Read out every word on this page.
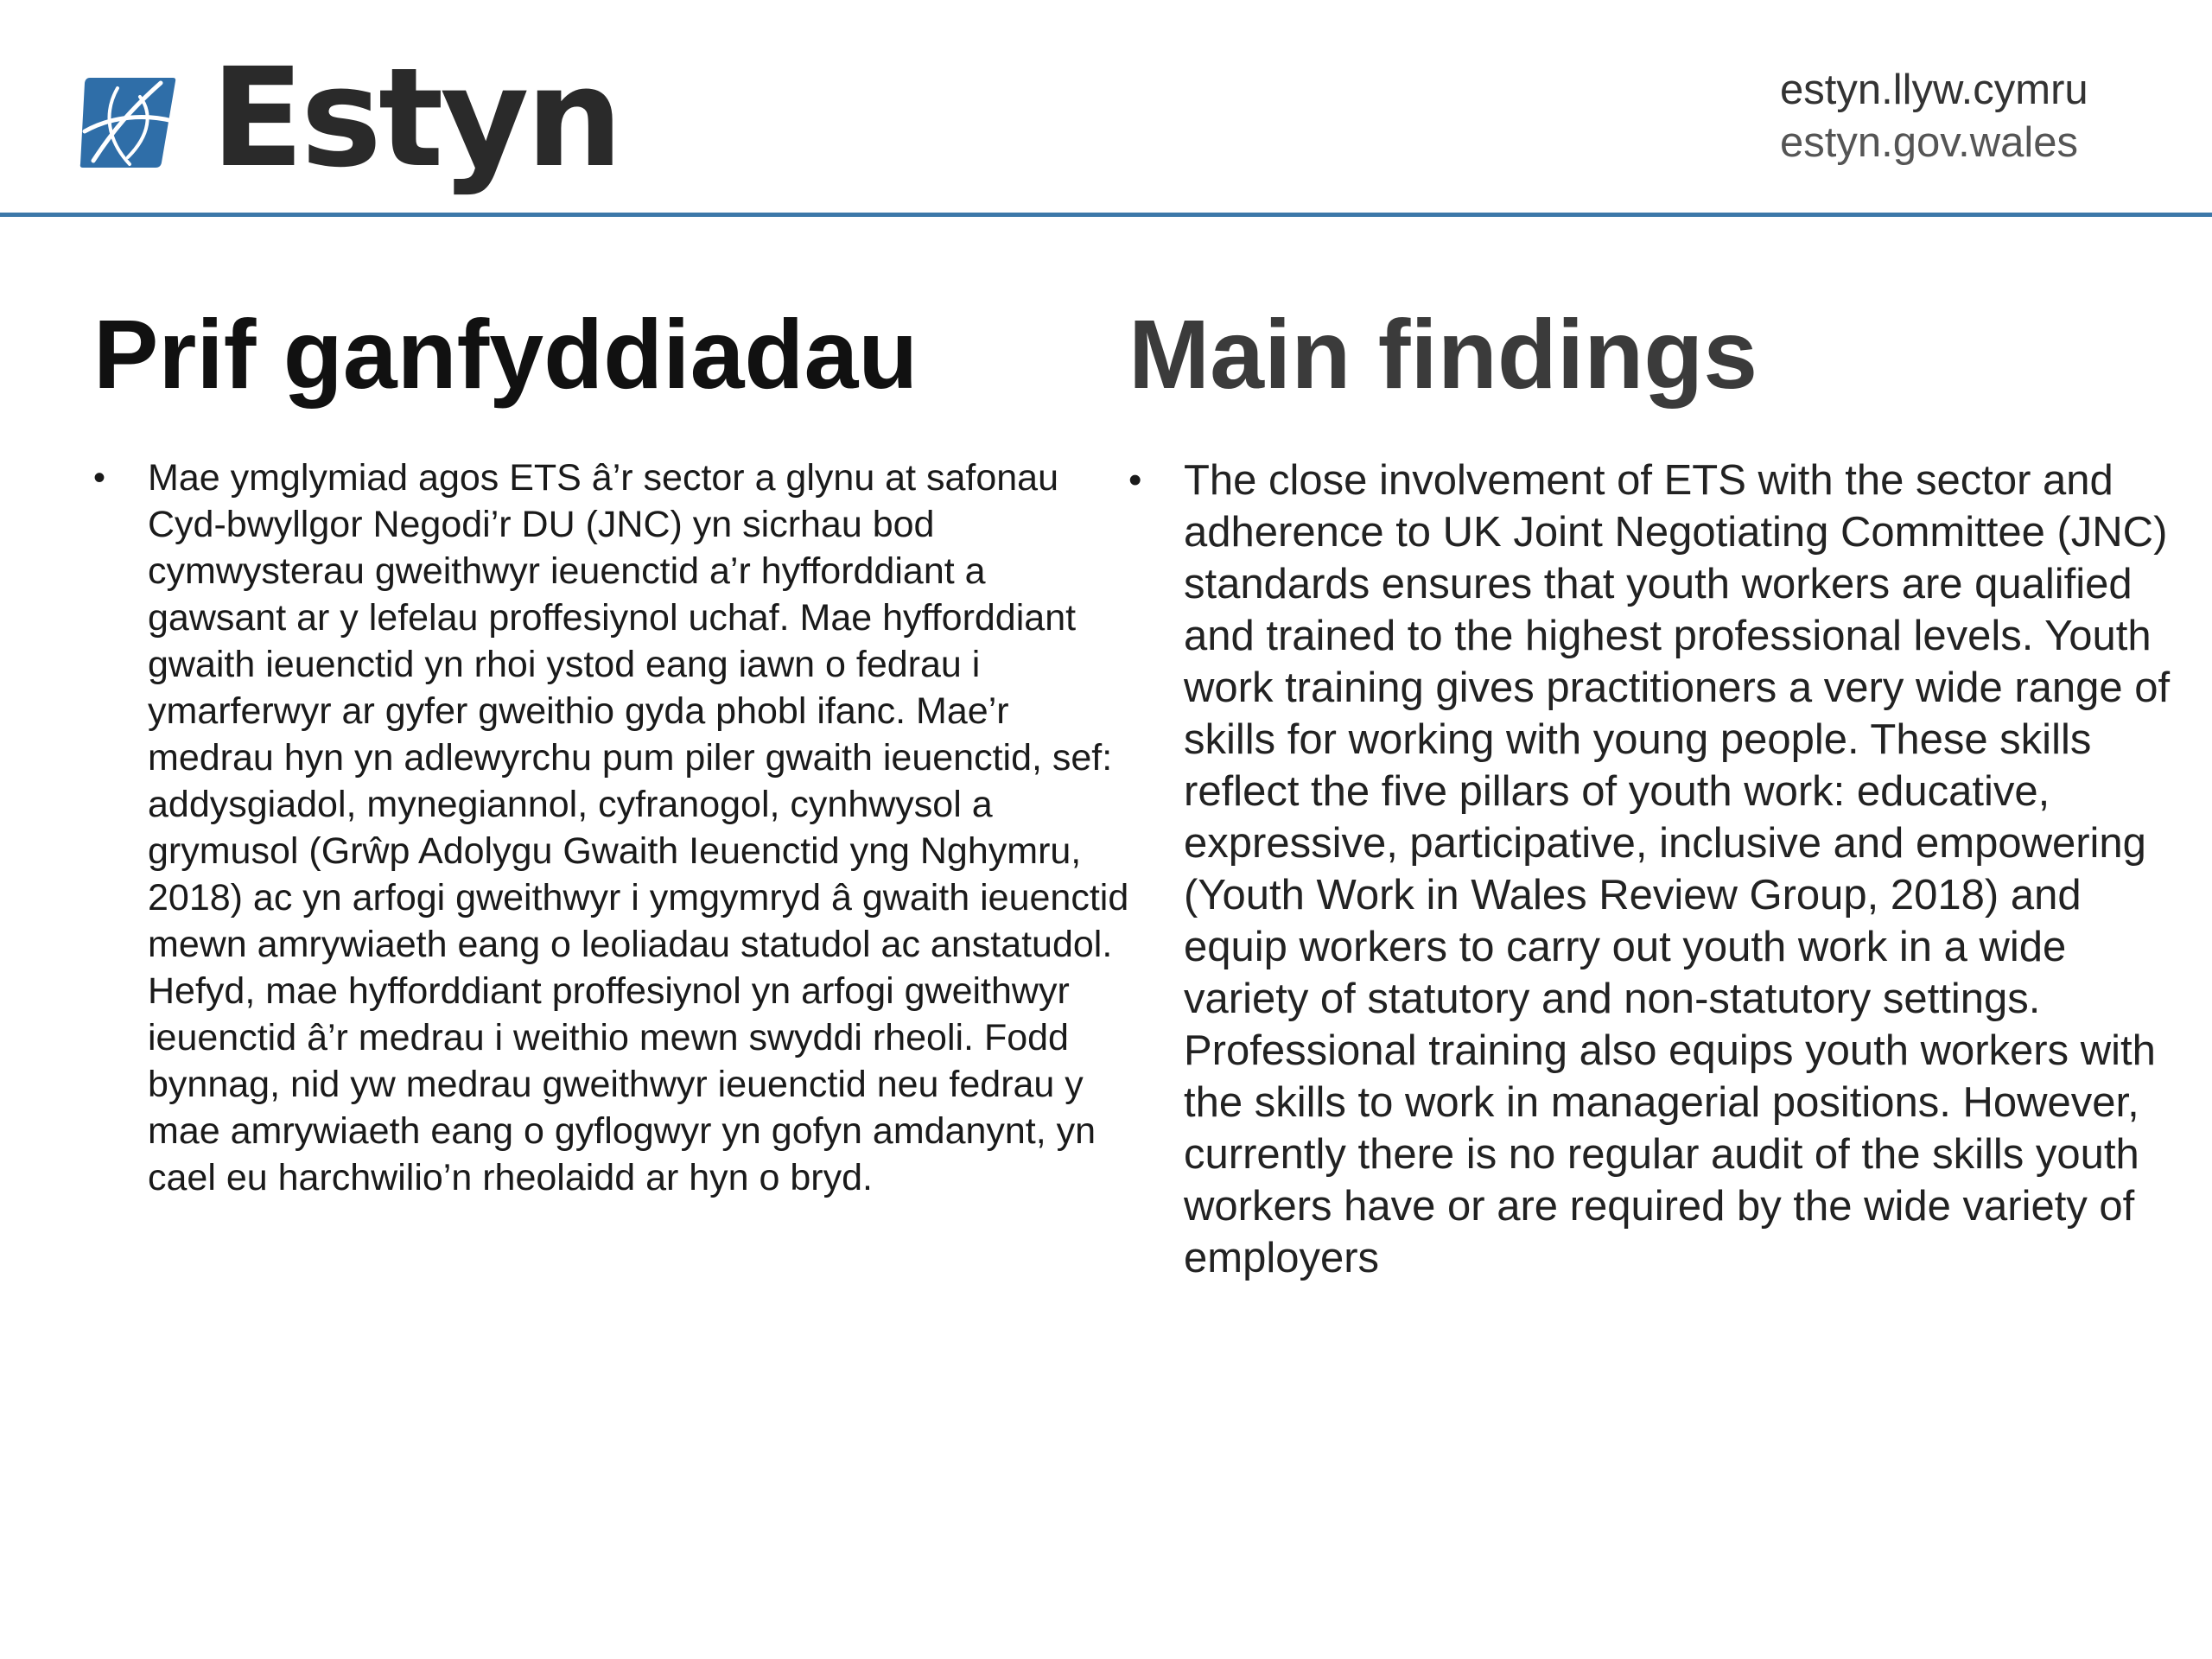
Estyn	estyn.llyw.cymru
estyn.gov.wales
Prif ganfyddiadau
• Mae ymglymiad agos ETS â’r sector a glynu at safonau Cyd-bwyllgor Negodi’r DU (JNC) yn sicrhau bod cymwysterau gweithwyr ieuenctid a’r hyfforddiant a gawsant ar y lefelau proffesiynol uchaf. Mae hyfforddiant gwaith ieuenctid yn rhoi ystod eang iawn o fedrau i ymarferwyr ar gyfer gweithio gyda phobl ifanc. Mae’r medrau hyn yn adlewyrchu pum piler gwaith ieuenctid, sef: addysgiadol, mynegiannol, cyfranogol, cynhwysol a grymusol (Grŵp Adolygu Gwaith Ieuenctid yng Nghymru, 2018) ac yn arfogi gweithwyr i ymgymryd â gwaith ieuenctid mewn amrywiaeth eang o leoliadau statudol ac anstatudol. Hefyd, mae hyfforddiant proffesiynol yn arfogi gweithwyr ieuenctid â’r medrau i weithio mewn swyddi rheoli. Fodd bynnag, nid yw medrau gweithwyr ieuenctid neu fedrau y mae amrywiaeth eang o gyflogwyr yn gofyn amdanynt, yn cael eu harchwilio’n rheolaidd ar hyn o bryd.

Main findings
• The close involvement of ETS with the sector and adherence to UK Joint Negotiating Committee (JNC) standards ensures that youth workers are qualified and trained to the highest professional levels. Youth work training gives practitioners a very wide range of skills for working with young people. These skills reflect the five pillars of youth work: educative, expressive, participative, inclusive and empowering (Youth Work in Wales Review Group, 2018) and equip workers to carry out youth work in a wide variety of statutory and non-statutory settings. Professional training also equips youth workers with the skills to work in managerial positions. However, currently there is no regular audit of the skills youth workers have or are required by the wide variety of employers
